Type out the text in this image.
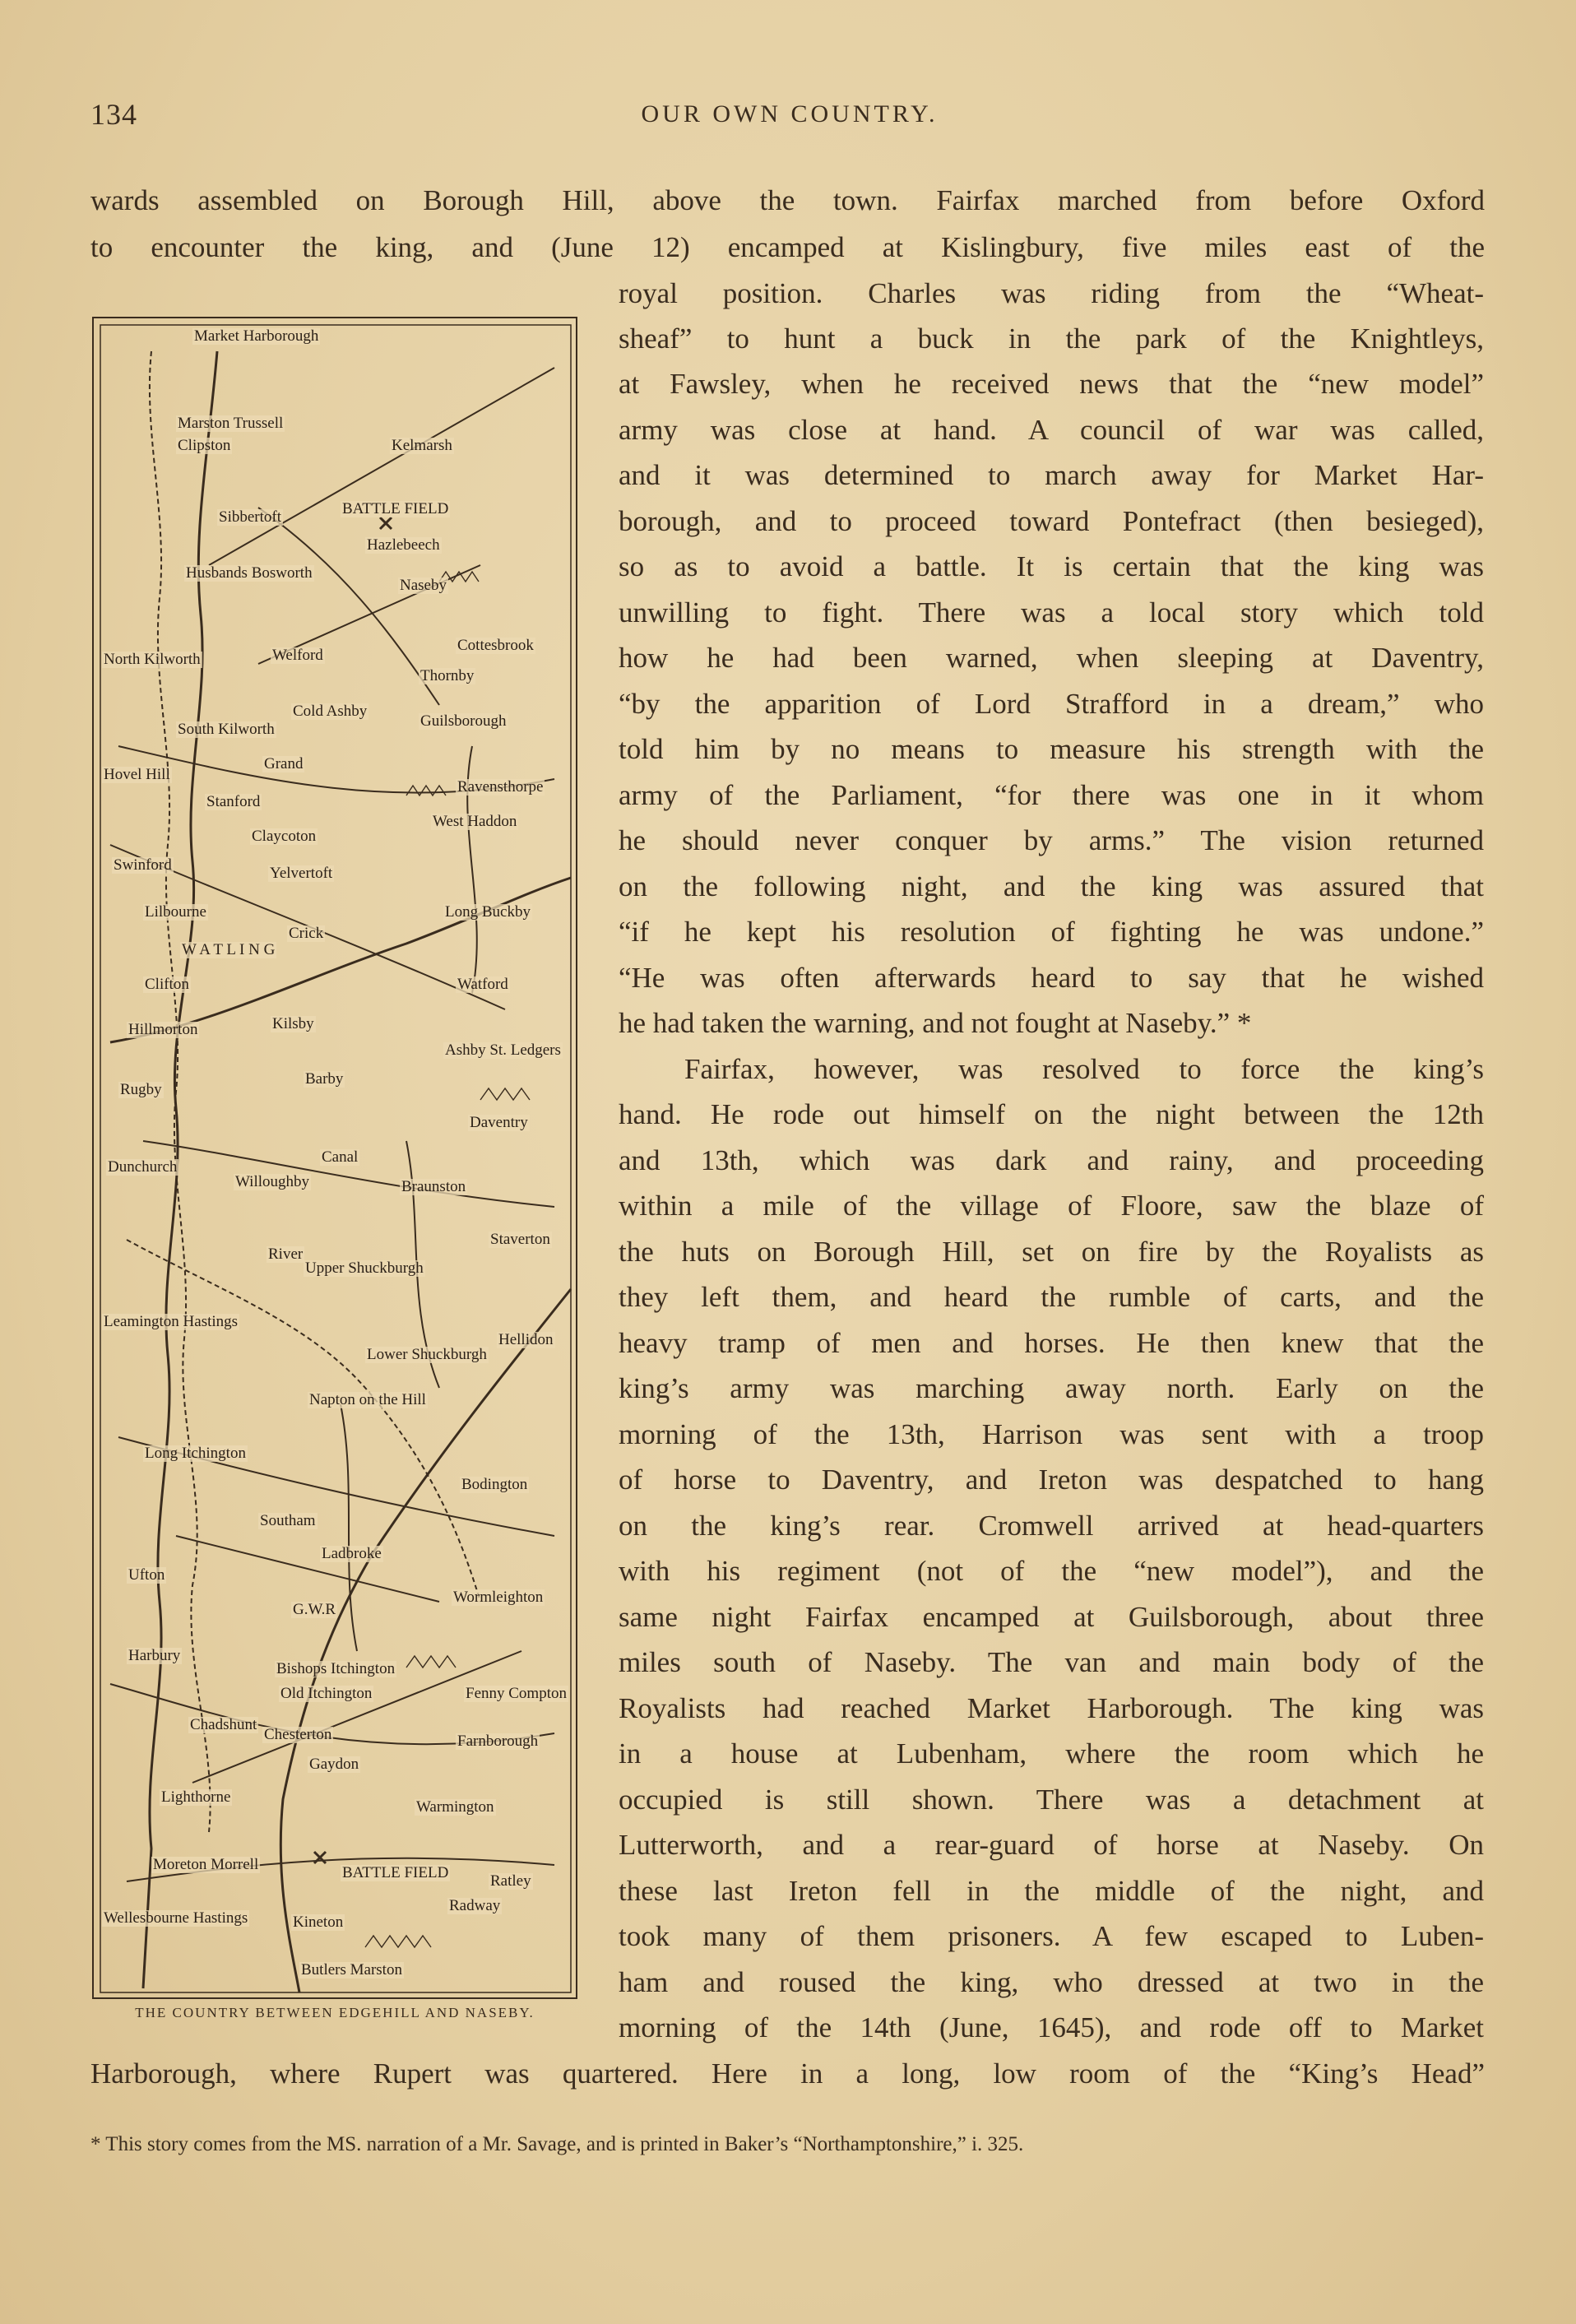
134	OUR OWN COUNTRY.
wards assembled on Borough Hill, above the town. Fairfax marched from before Oxford
to encounter the king, and (June 12) encamped at Kislingbury, five miles east of the
royal position. Charles was riding from the “Wheat-
sheaf” to hunt a buck in the park of the Knightleys,
at Fawsley, when he received news that the “new model”
army was close at hand. A council of war was called,
and it was determined to march away for Market Har-
borough, and to proceed toward Pontefract (then besieged),
so as to avoid a battle. It is certain that the king was
unwilling to fight. There was a local story which told
how he had been warned, when sleeping at Daventry,
“by the apparition of Lord Strafford in a dream,” who
told him by no means to measure his strength with the
army of the Parliament, “for there was one in it whom
he should never conquer by arms.” The vision returned
on the following night, and the king was assured that
“if he kept his resolution of fighting he was undone.”
“He was often afterwards heard to say that he wished
he had taken the warning, and not fought at Naseby.” *
Fairfax, however, was resolved to force the king’s
hand. He rode out himself on the night between the 12th
and 13th, which was dark and rainy, and proceeding
within a mile of the village of Floore, saw the blaze of
the huts on Borough Hill, set on fire by the Royalists as
they left them, and heard the rumble of carts, and the
heavy tramp of men and horses. He then knew that the
king’s army was marching away north. Early on the
morning of the 13th, Harrison was sent with a troop
of horse to Daventry, and Ireton was despatched to hang
on the king’s rear. Cromwell arrived at head-quarters
with his regiment (not of the “new model”), and the
same night Fairfax encamped at Guilsborough, about three
miles south of Naseby. The van and main body of the
Royalists had reached Market Harborough. The king was
in a house at Lubenham, where the room which he
occupied is still shown. There was a detachment at
Lutterworth, and a rear-guard of horse at Naseby. On
these last Ireton fell in the middle of the night, and
took many of them prisoners. A few escaped to Luben-
ham and roused the king, who dressed at two in the
morning of the 14th (June, 1645), and rode off to Market
Harborough, where Rupert was quartered. Here in a long, low room of the “King’s Head”
Market Harborough
Marston Trussell
Clipston	Kelmarsh
Sibbertoft	BATTLE FIELD
Hazlebeech
Husbands Bosworth
Naseby
North Kilworth	Welford
Cottesbrook
Thornby
Cold Ashby
Guilsborough
South Kilworth
Grand
Hovel Hill
Stanford
Ravensthorpe
Claycoton
West Haddon
Swinford	Yelvertoft
Lilbourne	Long Buckby
Crick
W A T L I N G
Clifton	Watford
Hillmorton	Kilsby
Ashby St. Ledgers
Rugby
Barby
Daventry
Canal
Dunchurch
Willoughby	Braunston
River
Staverton
Upper Shuckburgh
Leamington Hastings
Lower Shuckburgh
Hellidon
Napton on the Hill
Long Itchington
Bodington
Southam
Ladbroke
Ufton
G.W.R
Wormleighton
Harbury
Bishops Itchington
Old Itchington	Fenny Compton
Chadshunt
Chesterton	Farnborough
Gaydon
Lighthorne
Warmington
Moreton Morrell	BATTLE FIELD
Radway
Ratley
Wellesbourne Hastings	Kineton
Butlers Marston
THE COUNTRY BETWEEN EDGEHILL AND NASEBY.
* This story comes from the MS. narration of a Mr. Savage, and is printed in Baker’s “Northamptonshire,” i. 325.
